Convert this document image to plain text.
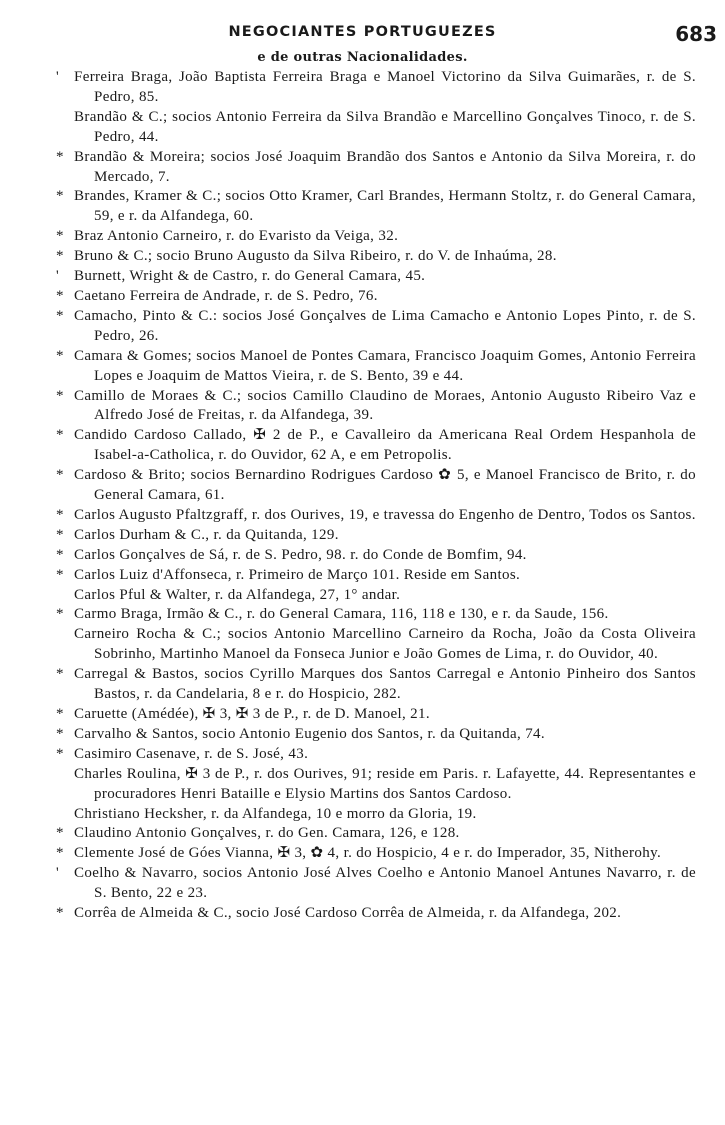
NEGOCIANTES PORTUGUEZES	683
e de outras Nacionalidades.
' Ferreira Braga, João Baptista Ferreira Braga e Manoel Victorino da Silva Guimarães, r. de S. Pedro, 85.
Brandão & C.; socios Antonio Ferreira da Silva Brandão e Marcellino Gonçalves Tinoco, r. de S. Pedro, 44.
* Brandão & Moreira; socios José Joaquim Brandão dos Santos e Antonio da Silva Moreira, r. do Mercado, 7.
* Brandes, Kramer & C.; socios Otto Kramer, Carl Brandes, Hermann Stoltz, r. do General Camara, 59, e r. da Alfandega, 60.
* Braz Antonio Carneiro, r. do Evaristo da Veiga, 32.
* Bruno & C.; socio Bruno Augusto da Silva Ribeiro, r. do V. de Inhaúma, 28.
' Burnett, Wright & de Castro, r. do General Camara, 45.
* Caetano Ferreira de Andrade, r. de S. Pedro, 76.
* Camacho, Pinto & C.: socios José Gonçalves de Lima Camacho e Antonio Lopes Pinto, r. de S. Pedro, 26.
* Camara & Gomes; socios Manoel de Pontes Camara, Francisco Joaquim Gomes, Antonio Ferreira Lopes e Joaquim de Mattos Vieira, r. de S. Bento, 39 e 44.
* Camillo de Moraes & C.; socios Camillo Claudino de Moraes, Antonio Augusto Ribeiro Vaz e Alfredo José de Freitas, r. da Alfandega, 39.
* Candido Cardoso Callado, ✠ 2 de P., e Cavalleiro da Americana Real Ordem Hespanhola de Isabel-a-Catholica, r. do Ouvidor, 62 A, e em Petropolis.
* Cardoso & Brito; socios Bernardino Rodrigues Cardoso ✿ 5, e Manoel Francisco de Brito, r. do General Camara, 61.
* Carlos Augusto Pfaltzgraff, r. dos Ourives, 19, e travessa do Engenho de Dentro, Todos os Santos.
* Carlos Durham & C., r. da Quitanda, 129.
* Carlos Gonçalves de Sá, r. de S. Pedro, 98. r. do Conde de Bomfim, 94.
* Carlos Luiz d'Affonseca, r. Primeiro de Março 101. Reside em Santos.
Carlos Pful & Walter, r. da Alfandega, 27, 1° andar.
* Carmo Braga, Irmão & C., r. do General Camara, 116, 118 e 130, e r. da Saude, 156.
Carneiro Rocha & C.; socios Antonio Marcellino Carneiro da Rocha, João da Costa Oliveira Sobrinho, Martinho Manoel da Fonseca Junior e João Gomes de Lima, r. do Ouvidor, 40.
* Carregal & Bastos, socios Cyrillo Marques dos Santos Carregal e Antonio Pinheiro dos Santos Bastos, r. da Candelaria, 8 e r. do Hospicio, 282.
* Caruette (Amédée), ✠ 3, ✠ 3 de P., r. de D. Manoel, 21.
* Carvalho & Santos, socio Antonio Eugenio dos Santos, r. da Quitanda, 74.
* Casimiro Casenave, r. de S. José, 43.
Charles Roulina, ✠ 3 de P., r. dos Ourives, 91; reside em Paris. r. Lafayette, 44. Representantes e procuradores Henri Bataille e Elysio Martins dos Santos Cardoso.
Christiano Hecksher, r. da Alfandega, 10 e morro da Gloria, 19.
* Claudino Antonio Gonçalves, r. do Gen. Camara, 126, e 128.
* Clemente José de Góes Vianna, ✠ 3, ✿ 4, r. do Hospicio, 4 e r. do Imperador, 35, Nitherohy.
' Coelho & Navarro, socios Antonio José Alves Coelho e Antonio Manoel Antunes Navarro, r. de S. Bento, 22 e 23.
* Corrêa de Almeida & C., socio José Cardoso Corrêa de Almeida, r. da Alfandega, 202.
